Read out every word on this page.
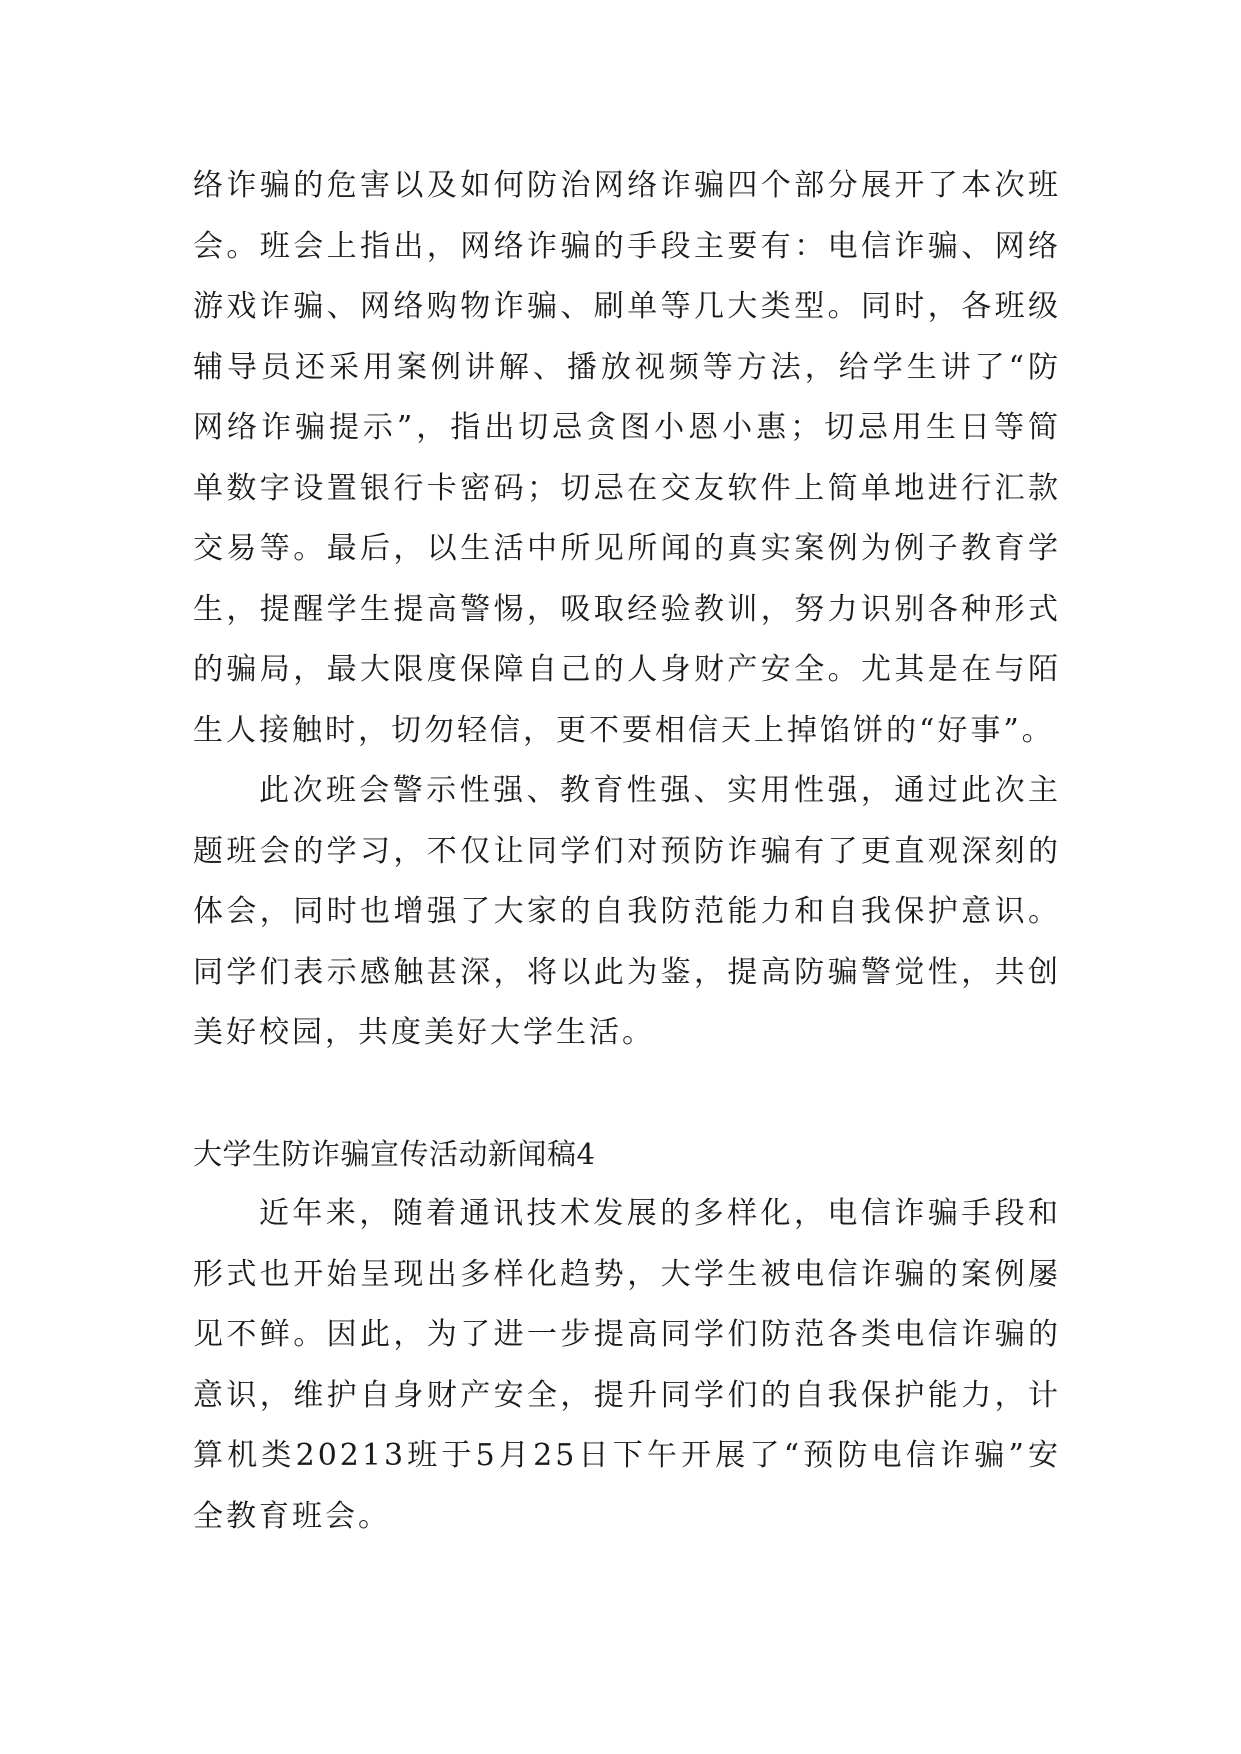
络诈骗的危害以及如何防治网络诈骗四个部分展开了本次班会。班会上指出，网络诈骗的手段主要有：电信诈骗、网络游戏诈骗、网络购物诈骗、刷单等几大类型。同时，各班级辅导员还采用案例讲解、播放视频等方法，给学生讲了“防网络诈骗提示”，指出切忌贪图小恩小惠；切忌用生日等简单数字设置银行卡密码；切忌在交友软件上简单地进行汇款交易等。最后，以生活中所见所闻的真实案例为例子教育学生，提醒学生提高警惕，吸取经验教训，努力识别各种形式的骗局，最大限度保障自己的人身财产安全。尤其是在与陌生人接触时，切勿轻信，更不要相信天上掉馅饼的“好事”。

此次班会警示性强、教育性强、实用性强，通过此次主题班会的学习，不仅让同学们对预防诈骗有了更直观深刻的体会，同时也增强了大家的自我防范能力和自我保护意识。同学们表示感触甚深，将以此为鉴，提高防骗警觉性，共创美好校园，共度美好大学生活。

大学生防诈骗宣传活动新闻稿4

近年来，随着通讯技术发展的多样化，电信诈骗手段和形式也开始呈现出多样化趋势，大学生被电信诈骗的案例屡见不鲜。因此，为了进一步提高同学们防范各类电信诈骗的意识，维护自身财产安全，提升同学们的自我保护能力，计算机类20213班于5月25日下午开展了“预防电信诈骗”安全教育班会。
